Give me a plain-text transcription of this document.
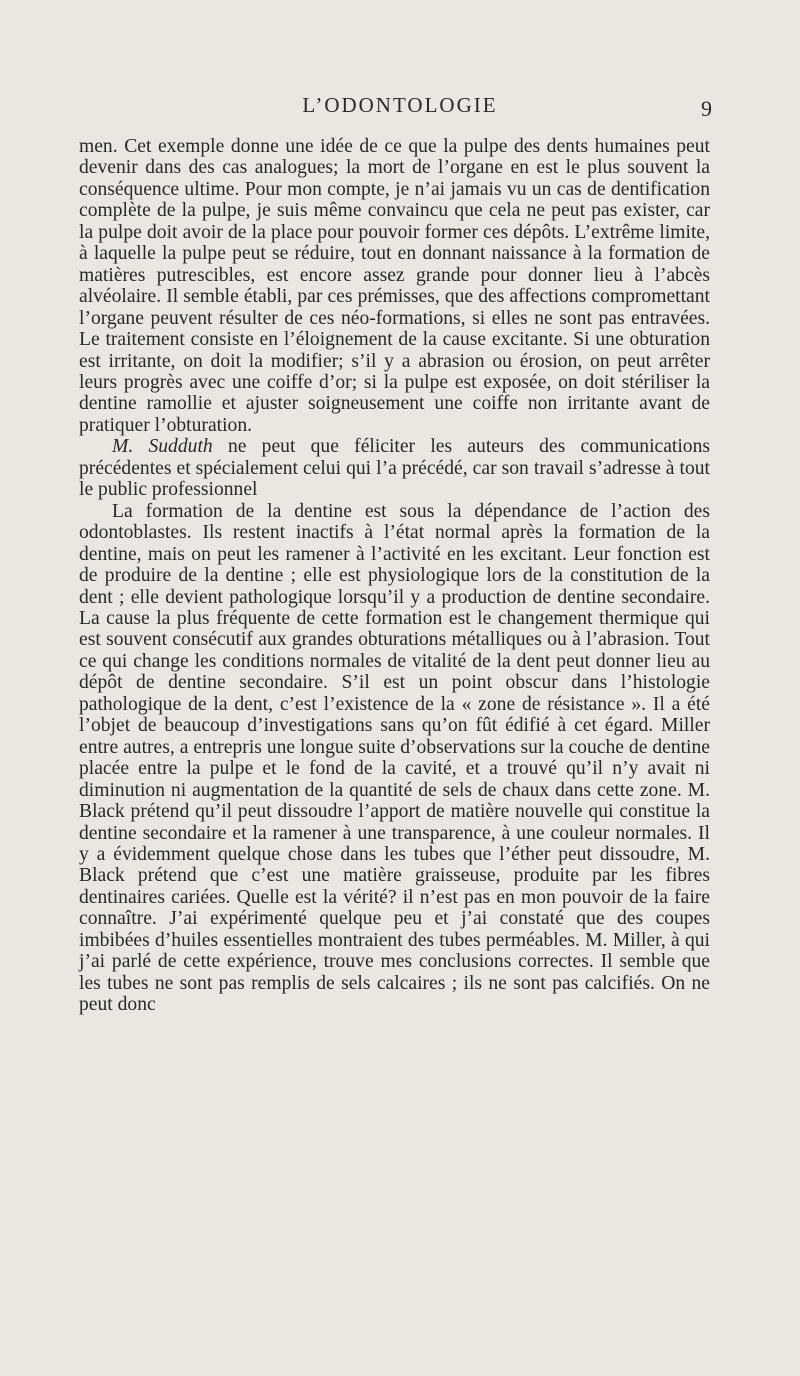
L’ODONTOLOGIE	9

men. Cet exemple donne une idée de ce que la pulpe des dents humaines peut devenir dans des cas analogues; la mort de l’organe en est le plus souvent la conséquence ultime. Pour mon compte, je n’ai jamais vu un cas de dentification complète de la pulpe, je suis même convaincu que cela ne peut pas exister, car la pulpe doit avoir de la place pour pouvoir former ces dépôts. L’extrême limite, à laquelle la pulpe peut se réduire, tout en donnant naissance à la formation de matières putrescibles, est encore assez grande pour donner lieu à l’abcès alvéolaire. Il semble établi, par ces prémisses, que des affections compromettant l’organe peuvent résulter de ces néo-formations, si elles ne sont pas entravées. Le traitement consiste en l’éloignement de la cause excitante. Si une obturation est irritante, on doit la modifier; s’il y a abrasion ou érosion, on peut arrêter leurs progrès avec une coiffe d’or; si la pulpe est exposée, on doit stériliser la dentine ramollie et ajuster soigneusement une coiffe non irritante avant de pratiquer l’obturation.

M. Sudduth ne peut que féliciter les auteurs des communications précédentes et spécialement celui qui l’a précédé, car son travail s’adresse à tout le public professionnel

La formation de la dentine est sous la dépendance de l’action des odontoblastes. Ils restent inactifs à l’état normal après la formation de la dentine, mais on peut les ramener à l’activité en les excitant. Leur fonction est de produire de la dentine ; elle est physiologique lors de la constitution de la dent ; elle devient pathologique lorsqu’il y a production de dentine secondaire. La cause la plus fréquente de cette formation est le changement thermique qui est souvent consécutif aux grandes obturations métalliques ou à l’abrasion. Tout ce qui change les conditions normales de vitalité de la dent peut donner lieu au dépôt de dentine secondaire. S’il est un point obscur dans l’histologie pathologique de la dent, c’est l’existence de la « zone de résistance ». Il a été l’objet de beaucoup d’investigations sans qu’on fût édifié à cet égard. Miller entre autres, a entrepris une longue suite d’observations sur la couche de dentine placée entre la pulpe et le fond de la cavité, et a trouvé qu’il n’y avait ni diminution ni augmentation de la quantité de sels de chaux dans cette zone. M. Black prétend qu’il peut dissoudre l’apport de matière nouvelle qui constitue la dentine secondaire et la ramener à une transparence, à une couleur normales. Il y a évidemment quelque chose dans les tubes que l’éther peut dissoudre, M. Black prétend que c’est une matière graisseuse, produite par les fibres dentinaires cariées. Quelle est la vérité? il n’est pas en mon pouvoir de la faire connaître. J’ai expérimenté quelque peu et j’ai constaté que des coupes imbibées d’huiles essentielles montraient des tubes perméables. M. Miller, à qui j’ai parlé de cette expérience, trouve mes conclusions correctes. Il semble que les tubes ne sont pas remplis de sels calcaires ; ils ne sont pas calcifiés. On ne peut donc
